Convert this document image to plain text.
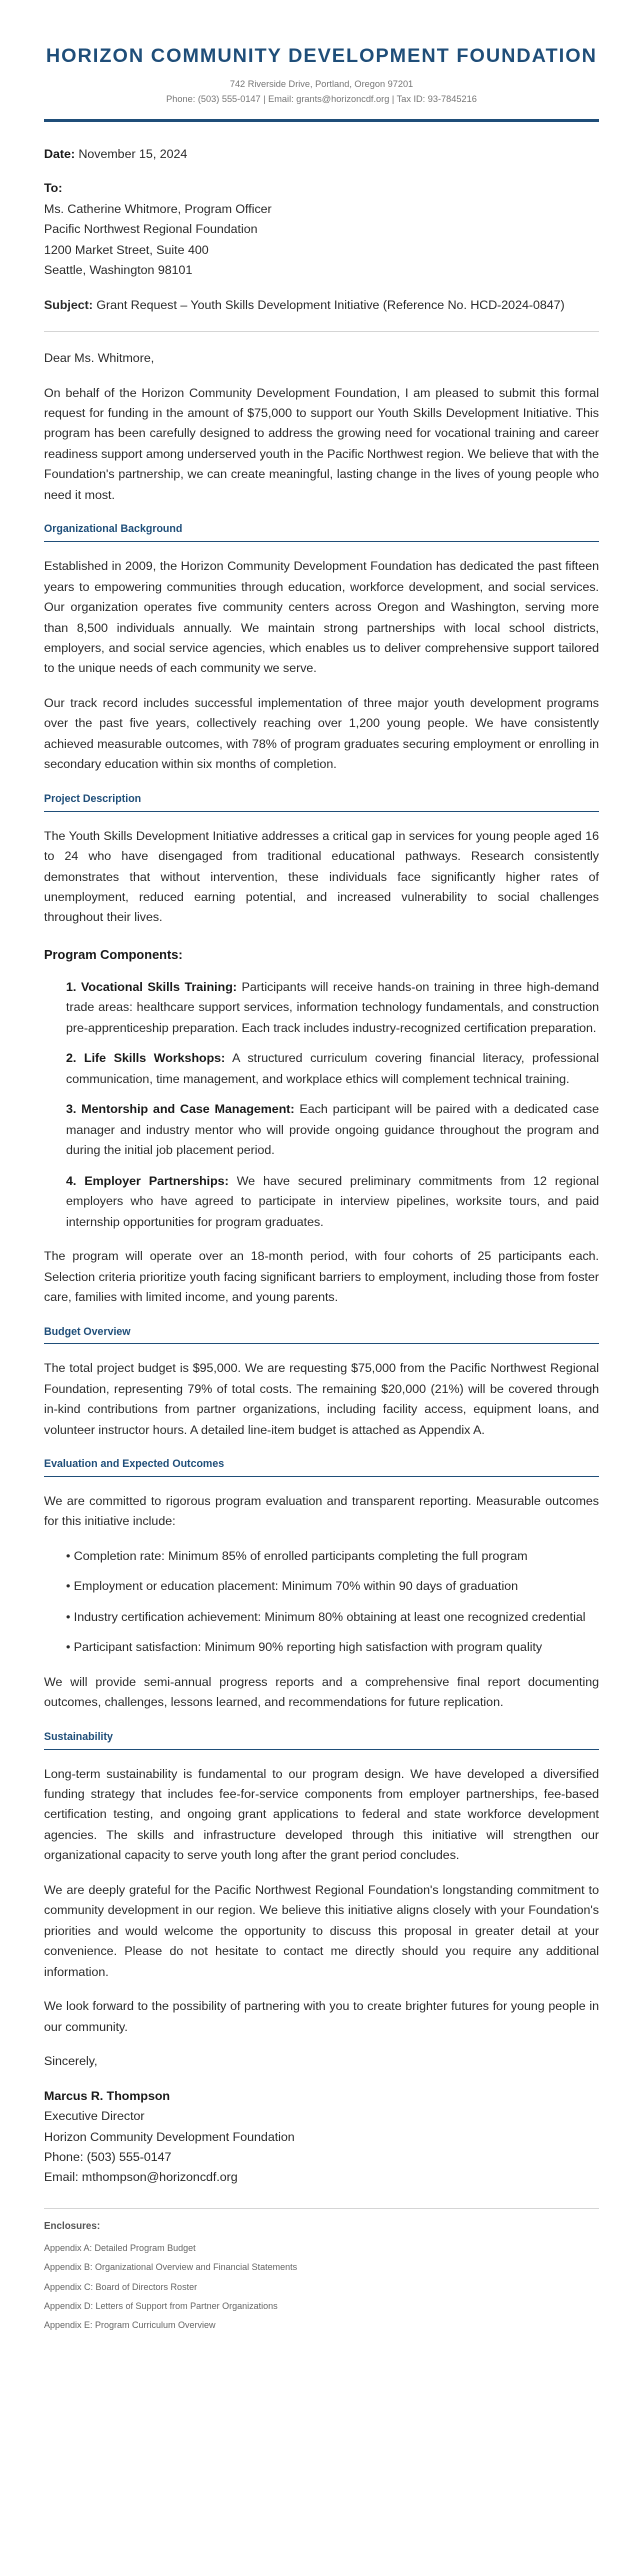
HORIZON COMMUNITY DEVELOPMENT FOUNDATION
742 Riverside Drive, Portland, Oregon 97201
Phone: (503) 555-0147 | Email: grants@horizoncdf.org | Tax ID: 93-7845216
Date: November 15, 2024
To:
Ms. Catherine Whitmore, Program Officer
Pacific Northwest Regional Foundation
1200 Market Street, Suite 400
Seattle, Washington 98101
Subject: Grant Request – Youth Skills Development Initiative (Reference No. HCD-2024-0847)

Dear Ms. Whitmore,

On behalf of the Horizon Community Development Foundation, I am pleased to submit this formal request for funding in the amount of $75,000 to support our Youth Skills Development Initiative. This program has been carefully designed to address the growing need for vocational training and career readiness support among underserved youth in the Pacific Northwest region. We believe that with the Foundation's partnership, we can create meaningful, lasting change in the lives of young people who need it most.

Organizational Background

Established in 2009, the Horizon Community Development Foundation has dedicated the past fifteen years to empowering communities through education, workforce development, and social services. Our organization operates five community centers across Oregon and Washington, serving more than 8,500 individuals annually. We maintain strong partnerships with local school districts, employers, and social service agencies, which enables us to deliver comprehensive support tailored to the unique needs of each community we serve.

Our track record includes successful implementation of three major youth development programs over the past five years, collectively reaching over 1,200 young people. We have consistently achieved measurable outcomes, with 78% of program graduates securing employment or enrolling in secondary education within six months of completion.

Project Description

The Youth Skills Development Initiative addresses a critical gap in services for young people aged 16 to 24 who have disengaged from traditional educational pathways. Research consistently demonstrates that without intervention, these individuals face significantly higher rates of unemployment, reduced earning potential, and increased vulnerability to social challenges throughout their lives.

Program Components:
1. Vocational Skills Training: Participants will receive hands-on training in three high-demand trade areas: healthcare support services, information technology fundamentals, and construction pre-apprenticeship preparation. Each track includes industry-recognized certification preparation.
2. Life Skills Workshops: A structured curriculum covering financial literacy, professional communication, time management, and workplace ethics will complement technical training.
3. Mentorship and Case Management: Each participant will be paired with a dedicated case manager and industry mentor who will provide ongoing guidance throughout the program and during the initial job placement period.
4. Employer Partnerships: We have secured preliminary commitments from 12 regional employers who have agreed to participate in interview pipelines, worksite tours, and paid internship opportunities for program graduates.

The program will operate over an 18-month period, with four cohorts of 25 participants each. Selection criteria prioritize youth facing significant barriers to employment, including those from foster care, families with limited income, and young parents.

Budget Overview

The total project budget is $95,000. We are requesting $75,000 from the Pacific Northwest Regional Foundation, representing 79% of total costs. The remaining $20,000 (21%) will be covered through in-kind contributions from partner organizations, including facility access, equipment loans, and volunteer instructor hours. A detailed line-item budget is attached as Appendix A.

Evaluation and Expected Outcomes

We are committed to rigorous program evaluation and transparent reporting. Measurable outcomes for this initiative include:

• Completion rate: Minimum 85% of enrolled participants completing the full program
• Employment or education placement: Minimum 70% within 90 days of graduation
• Industry certification achievement: Minimum 80% obtaining at least one recognized credential
• Participant satisfaction: Minimum 90% reporting high satisfaction with program quality

We will provide semi-annual progress reports and a comprehensive final report documenting outcomes, challenges, lessons learned, and recommendations for future replication.

Sustainability

Long-term sustainability is fundamental to our program design. We have developed a diversified funding strategy that includes fee-for-service components from employer partnerships, fee-based certification testing, and ongoing grant applications to federal and state workforce development agencies. The skills and infrastructure developed through this initiative will strengthen our organizational capacity to serve youth long after the grant period concludes.

We are deeply grateful for the Pacific Northwest Regional Foundation's longstanding commitment to community development in our region. We believe this initiative aligns closely with your Foundation's priorities and would welcome the opportunity to discuss this proposal in greater detail at your convenience. Please do not hesitate to contact me directly should you require any additional information.

We look forward to the possibility of partnering with you to create brighter futures for young people in our community.

Sincerely,

Marcus R. Thompson
Executive Director
Horizon Community Development Foundation
Phone: (503) 555-0147
Email: mthompson@horizoncdf.org
Enclosures:
Appendix A: Detailed Program Budget
Appendix B: Organizational Overview and Financial Statements
Appendix C: Board of Directors Roster
Appendix D: Letters of Support from Partner Organizations
Appendix E: Program Curriculum Overview
